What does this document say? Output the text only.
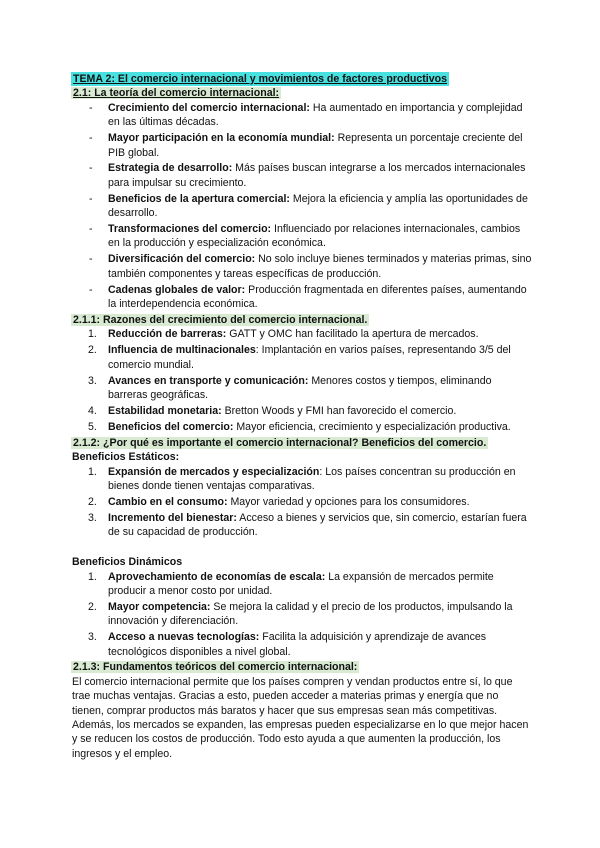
TEMA 2: El comercio internacional y movimientos de factores productivos
2.1: La teoría del comercio internacional:
- Crecimiento del comercio internacional: Ha aumentado en importancia y complejidad en las últimas décadas.
- Mayor participación en la economía mundial: Representa un porcentaje creciente del PIB global.
- Estrategia de desarrollo: Más países buscan integrarse a los mercados internacionales para impulsar su crecimiento.
- Beneficios de la apertura comercial: Mejora la eficiencia y amplía las oportunidades de desarrollo.
- Transformaciones del comercio: Influenciado por relaciones internacionales, cambios en la producción y especialización económica.
- Diversificación del comercio: No solo incluye bienes terminados y materias primas, sino también componentes y tareas específicas de producción.
- Cadenas globales de valor: Producción fragmentada en diferentes países, aumentando la interdependencia económica.
2.1.1: Razones del crecimiento del comercio internacional.
1. Reducción de barreras: GATT y OMC han facilitado la apertura de mercados.
2. Influencia de multinacionales: Implantación en varios países, representando 3/5 del comercio mundial.
3. Avances en transporte y comunicación: Menores costos y tiempos, eliminando barreras geográficas.
4. Estabilidad monetaria: Bretton Woods y FMI han favorecido el comercio.
5. Beneficios del comercio: Mayor eficiencia, crecimiento y especialización productiva.
2.1.2: ¿Por qué es importante el comercio internacional? Beneficios del comercio.
Beneficios Estáticos:
1. Expansión de mercados y especialización: Los países concentran su producción en bienes donde tienen ventajas comparativas.
2. Cambio en el consumo: Mayor variedad y opciones para los consumidores.
3. Incremento del bienestar: Acceso a bienes y servicios que, sin comercio, estarían fuera de su capacidad de producción.
Beneficios Dinámicos
1. Aprovechamiento de economías de escala: La expansión de mercados permite producir a menor costo por unidad.
2. Mayor competencia: Se mejora la calidad y el precio de los productos, impulsando la innovación y diferenciación.
3. Acceso a nuevas tecnologías: Facilita la adquisición y aprendizaje de avances tecnológicos disponibles a nivel global.
2.1.3: Fundamentos teóricos del comercio internacional:

El comercio internacional permite que los países compren y vendan productos entre sí, lo que trae muchas ventajas. Gracias a esto, pueden acceder a materias primas y energía que no tienen, comprar productos más baratos y hacer que sus empresas sean más competitivas. Además, los mercados se expanden, las empresas pueden especializarse en lo que mejor hacen y se reducen los costos de producción. Todo esto ayuda a que aumenten la producción, los ingresos y el empleo.
